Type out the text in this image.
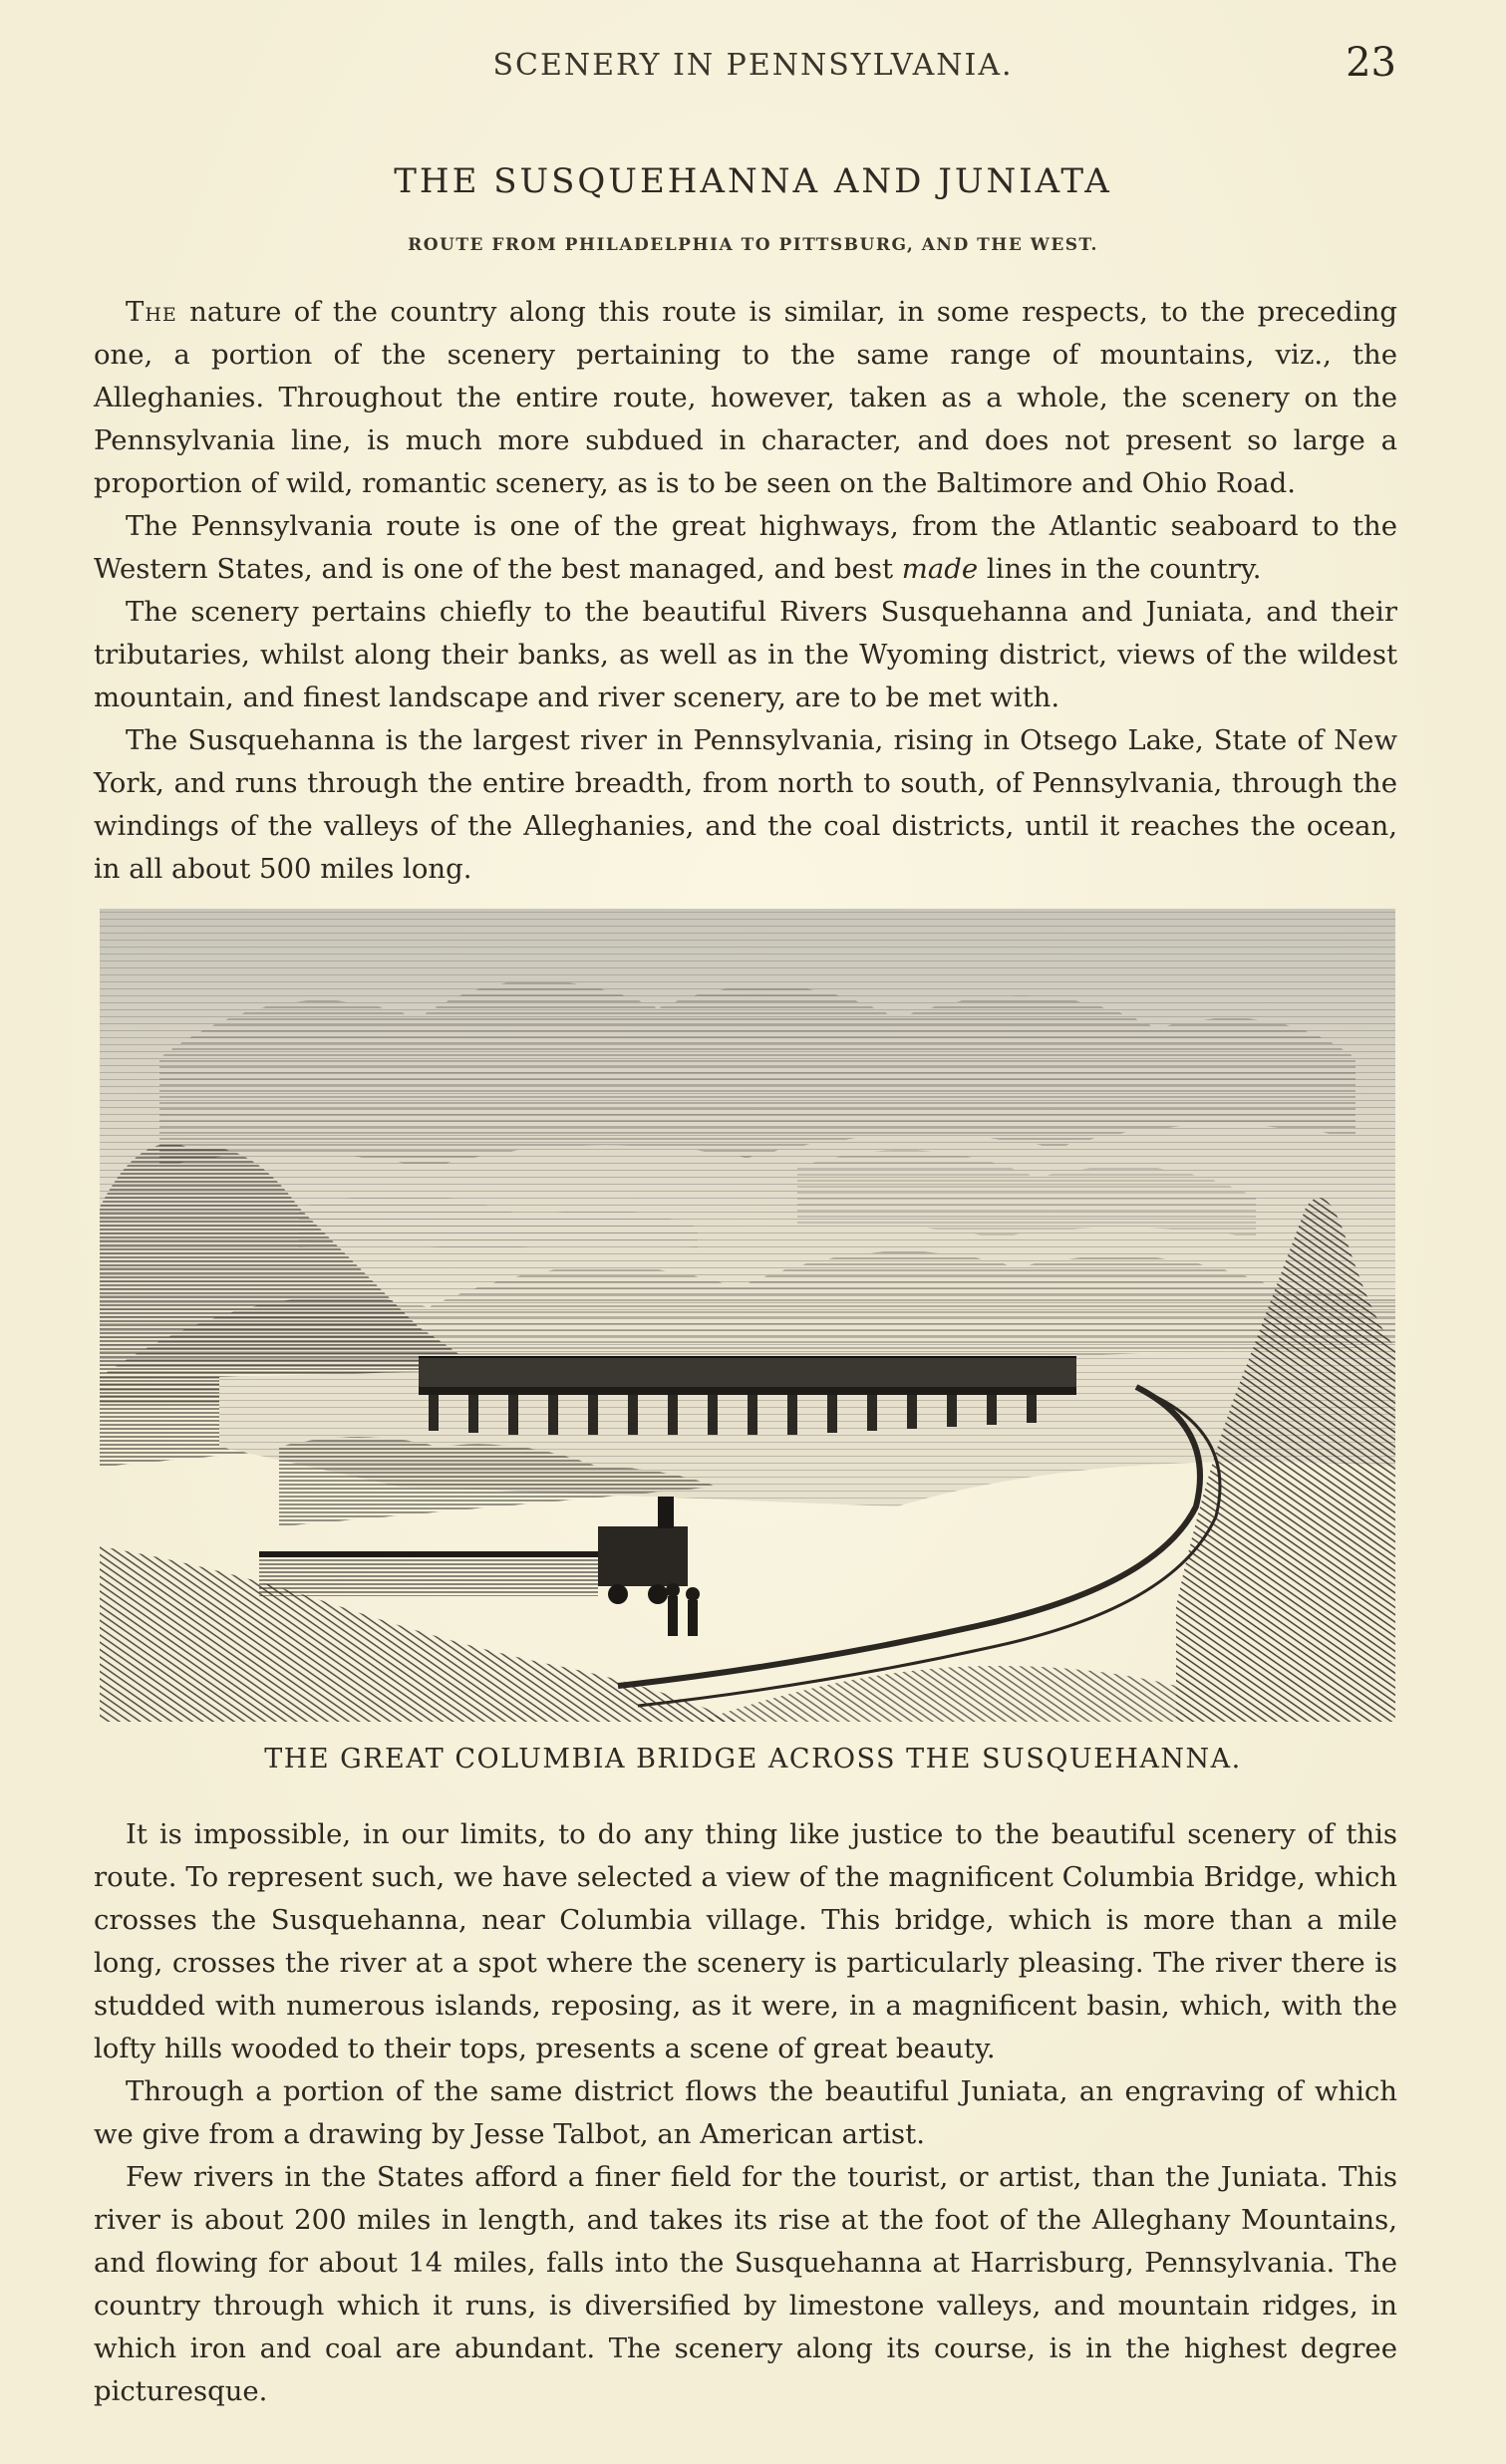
SCENERY IN PENNSYLVANIA.	23
THE SUSQUEHANNA AND JUNIATA
ROUTE FROM PHILADELPHIA TO PITTSBURG, AND THE WEST.

The nature of the country along this route is similar, in some respects, to the preceding one, a portion of the scenery pertaining to the same range of mountains, viz., the Alleghanies. Throughout the entire route, however, taken as a whole, the scenery on the Pennsylvania line, is much more subdued in character, and does not present so large a proportion of wild, romantic scenery, as is to be seen on the Baltimore and Ohio Road.

The Pennsylvania route is one of the great highways, from the Atlantic seaboard to the Western States, and is one of the best managed, and best made lines in the country.

The scenery pertains chiefly to the beautiful Rivers Susquehanna and Juniata, and their tributaries, whilst along their banks, as well as in the Wyoming district, views of the wildest mountain, and finest landscape and river scenery, are to be met with.

The Susquehanna is the largest river in Pennsylvania, rising in Otsego Lake, State of New York, and runs through the entire breadth, from north to south, of Pennsylvania, through the windings of the valleys of the Alleghanies, and the coal districts, until it reaches the ocean, in all about 500 miles long.

THE GREAT COLUMBIA BRIDGE ACROSS THE SUSQUEHANNA.

It is impossible, in our limits, to do any thing like justice to the beautiful scenery of this route. To represent such, we have selected a view of the magnificent Columbia Bridge, which crosses the Susquehanna, near Columbia village. This bridge, which is more than a mile long, crosses the river at a spot where the scenery is particularly pleasing. The river there is studded with numerous islands, reposing, as it were, in a magnificent basin, which, with the lofty hills wooded to their tops, presents a scene of great beauty.

Through a portion of the same district flows the beautiful Juniata, an engraving of which we give from a drawing by Jesse Talbot, an American artist.

Few rivers in the States afford a finer field for the tourist, or artist, than the Juniata. This river is about 200 miles in length, and takes its rise at the foot of the Alleghany Mountains, and flowing for about 14 miles, falls into the Susquehanna at Harrisburg, Pennsylvania. The country through which it runs, is diversified by limestone valleys, and mountain ridges, in which iron and coal are abundant. The scenery along its course, is in the highest degree picturesque.
